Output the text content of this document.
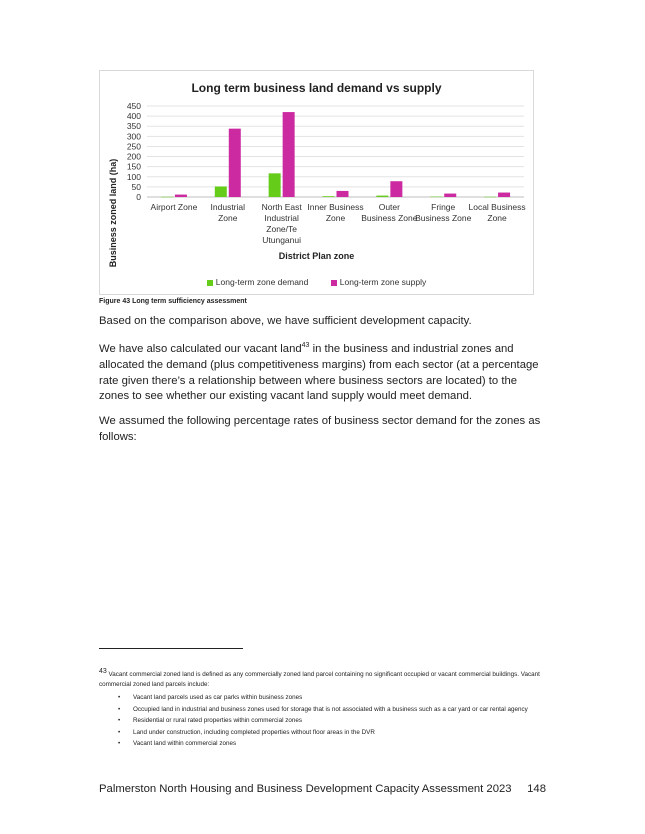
Long term business land demand vs supply
Business zoned land (ha) 0
50
100
150
200
250
300
350
400
450
Airport Zone Industrial Zone
North East Industrial Zone/Te Utunganui
Inner Business Zone
Outer Business Zone
Fringe Business Zone
Local Business Zone
District Plan zone
Long-term zone demand	Long-term zone supply
Figure 43 Long term sufficiency assessment

Based on the comparison above, we have sufficient development capacity.

We have also calculated our vacant land$^{43}$ in the business and industrial zones and allocated the demand (plus competitiveness margins) from each sector (at a percentage rate given there’s a relationship between where business sectors are located) to the zones to see whether our existing vacant land supply would meet demand.

We assumed the following percentage rates of business sector demand for the zones as follows:

$^{43}$ Vacant commercial zoned land is defined as any commercially zoned land parcel containing no significant occupied or vacant commercial buildings. Vacant commercial zoned land parcels include:
• Vacant land parcels used as car parks within business zones
• Occupied land in industrial and business zones used for storage that is not associated with a business such as a car yard or car rental agency
• Residential or rural rated properties within commercial zones
• Land under construction, including completed properties without floor areas in the DVR
• Vacant land within commercial zones
Palmerston North Housing and Business Development Capacity Assessment 2023 148
